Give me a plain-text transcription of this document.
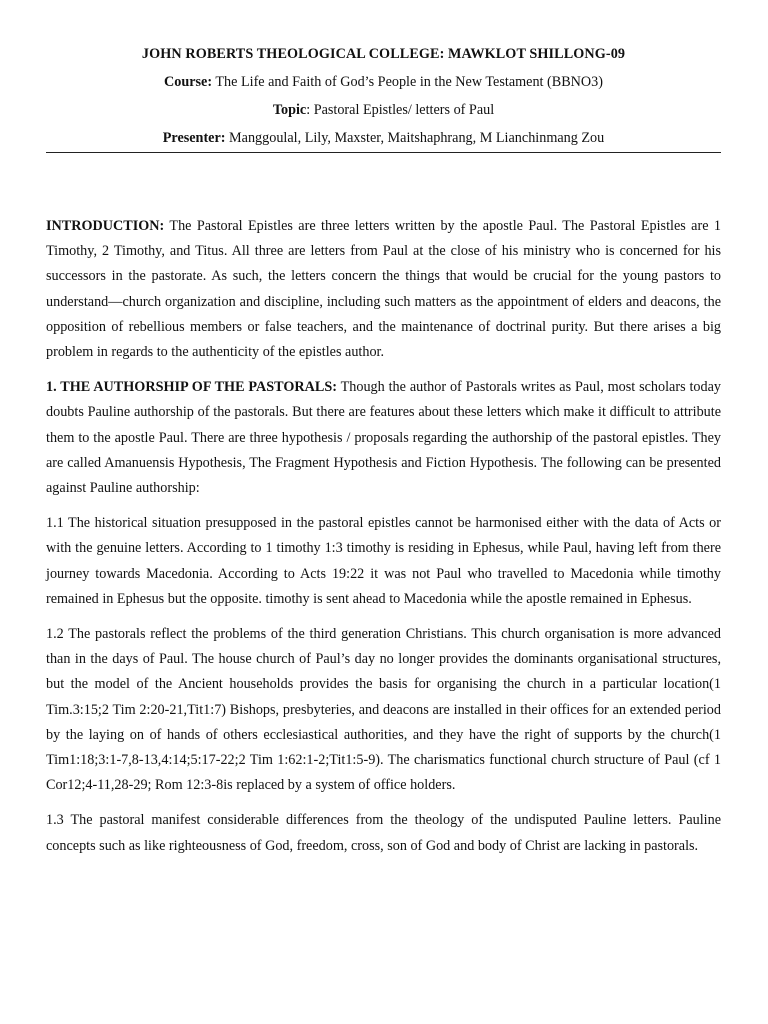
JOHN ROBERTS THEOLOGICAL COLLEGE: MAWKLOT SHILLONG-09
Course: The Life and Faith of God’s People in the New Testament (BBNO3)
Topic: Pastoral Epistles/ letters of Paul
Presenter: Manggoulal, Lily, Maxster, Maitshaphrang, M Lianchinmang Zou

INTRODUCTION: The Pastoral Epistles are three letters written by the apostle Paul. The Pastoral Epistles are 1 Timothy, 2 Timothy, and Titus. All three are letters from Paul at the close of his ministry who is concerned for his successors in the pastorate. As such, the letters concern the things that would be crucial for the young pastors to understand—church organization and discipline, including such matters as the appointment of elders and deacons, the opposition of rebellious members or false teachers, and the maintenance of doctrinal purity. But there arises a big problem in regards to the authenticity of the epistles author.

1. THE AUTHORSHIP OF THE PASTORALS: Though the author of Pastorals writes as Paul, most scholars today doubts Pauline authorship of the pastorals. But there are features about these letters which make it difficult to attribute them to the apostle Paul. There are three hypothesis / proposals regarding the authorship of the pastoral epistles. They are called Amanuensis Hypothesis, The Fragment Hypothesis and Fiction Hypothesis. The following can be presented against Pauline authorship:

1.1 The historical situation presupposed in the pastoral epistles cannot be harmonised either with the data of Acts or with the genuine letters. According to 1 timothy 1:3 timothy is residing in Ephesus, while Paul, having left from there journey towards Macedonia. According to Acts 19:22 it was not Paul who travelled to Macedonia while timothy remained in Ephesus but the opposite. timothy is sent ahead to Macedonia while the apostle remained in Ephesus.

1.2 The pastorals reflect the problems of the third generation Christians. This church organisation is more advanced than in the days of Paul. The house church of Paul’s day no longer provides the dominants organisational structures, but the model of the Ancient households provides the basis for organising the church in a particular location(1 Tim.3:15;2 Tim 2:20-21,Tit1:7) Bishops, presbyteries, and deacons are installed in their offices for an extended period by the laying on of hands of others ecclesiastical authorities, and they have the right of supports by the church(1 Tim1:18;3:1-7,8-13,4:14;5:17-22;2 Tim 1:62:1-2;Tit1:5-9). The charismatics functional church structure of Paul (cf 1 Cor12;4-11,28-29; Rom 12:3-8is replaced by a system of office holders.

1.3 The pastoral manifest considerable differences from the theology of the undisputed Pauline letters. Pauline concepts such as like righteousness of God, freedom, cross, son of God and body of Christ are lacking in pastorals.
